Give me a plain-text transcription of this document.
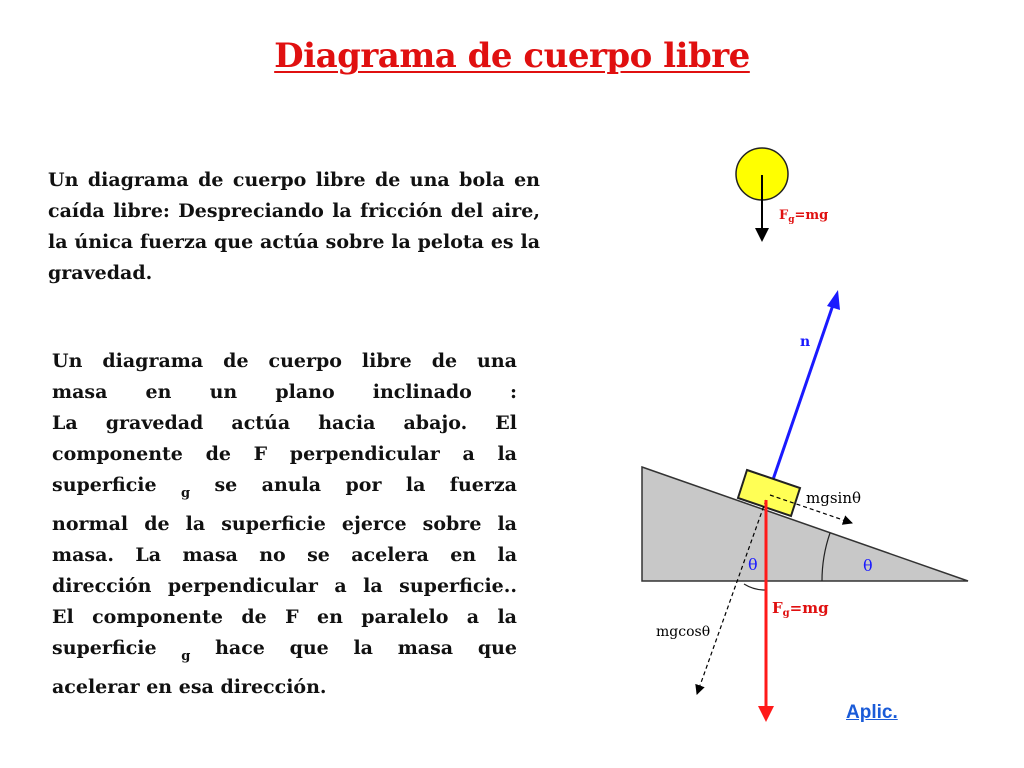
Diagrama de cuerpo libre

Un diagrama de cuerpo libre de una bola en caída libre: Despreciando la fricción del aire, la única fuerza que actúa sobre la pelota es la gravedad.

Un diagrama de cuerpo libre de una
masa en un plano inclinado :
La gravedad actúa hacia abajo. El
componente de F perpendicular a la
superficie $_g$ se anula por la fuerza
normal de la superficie ejerce sobre la
masa. La masa no se acelera en la
dirección perpendicular a la superficie..
El componente de F en paralelo a la
superficie $_g$ hace que la masa que
acelerar en esa dirección.
$F_g=mg$
θ
n
mgsinθ
mgcosθ
θ
$F_g=mg$
Aplic.
